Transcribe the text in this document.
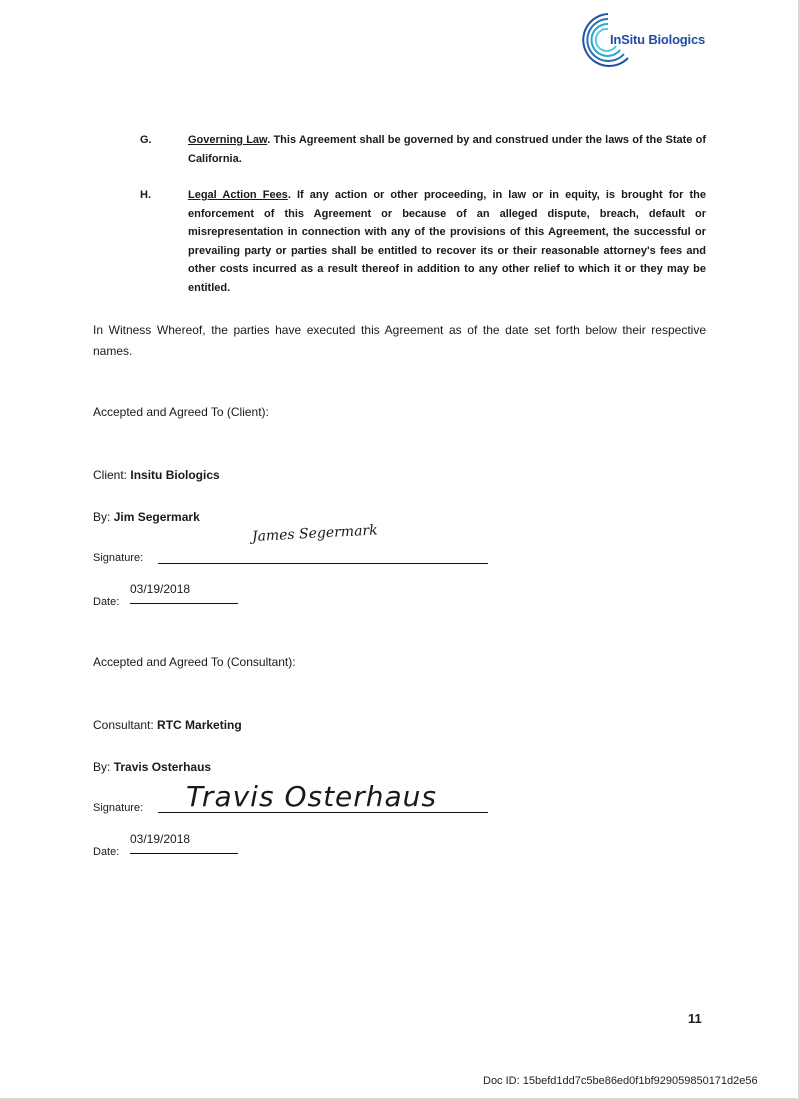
InSitu Biologics
G.	Governing Law. This Agreement shall be governed by and construed under the laws of the State of California.
H.	Legal Action Fees. If any action or other proceeding, in law or in equity, is brought for the enforcement of this Agreement or because of an alleged dispute, breach, default or misrepresentation in connection with any of the provisions of this Agreement, the successful or prevailing party or parties shall be entitled to recover its or their reasonable attorney's fees and other costs incurred as a result thereof in addition to any other relief to which it or they may be entitled.
In Witness Whereof, the parties have executed this Agreement as of the date set forth below their respective names.
Accepted and Agreed To (Client):
Client: Insitu Biologics
By: Jim Segermark
Signature:
James Segermark
Date:
03/19/2018
Accepted and Agreed To (Consultant):
Consultant: RTC Marketing
By: Travis Osterhaus
Signature: Travis Osterhaus
Date:
03/19/2018
11
Doc ID: 15befd1dd7c5be86ed0f1bf929059850171d2e56
